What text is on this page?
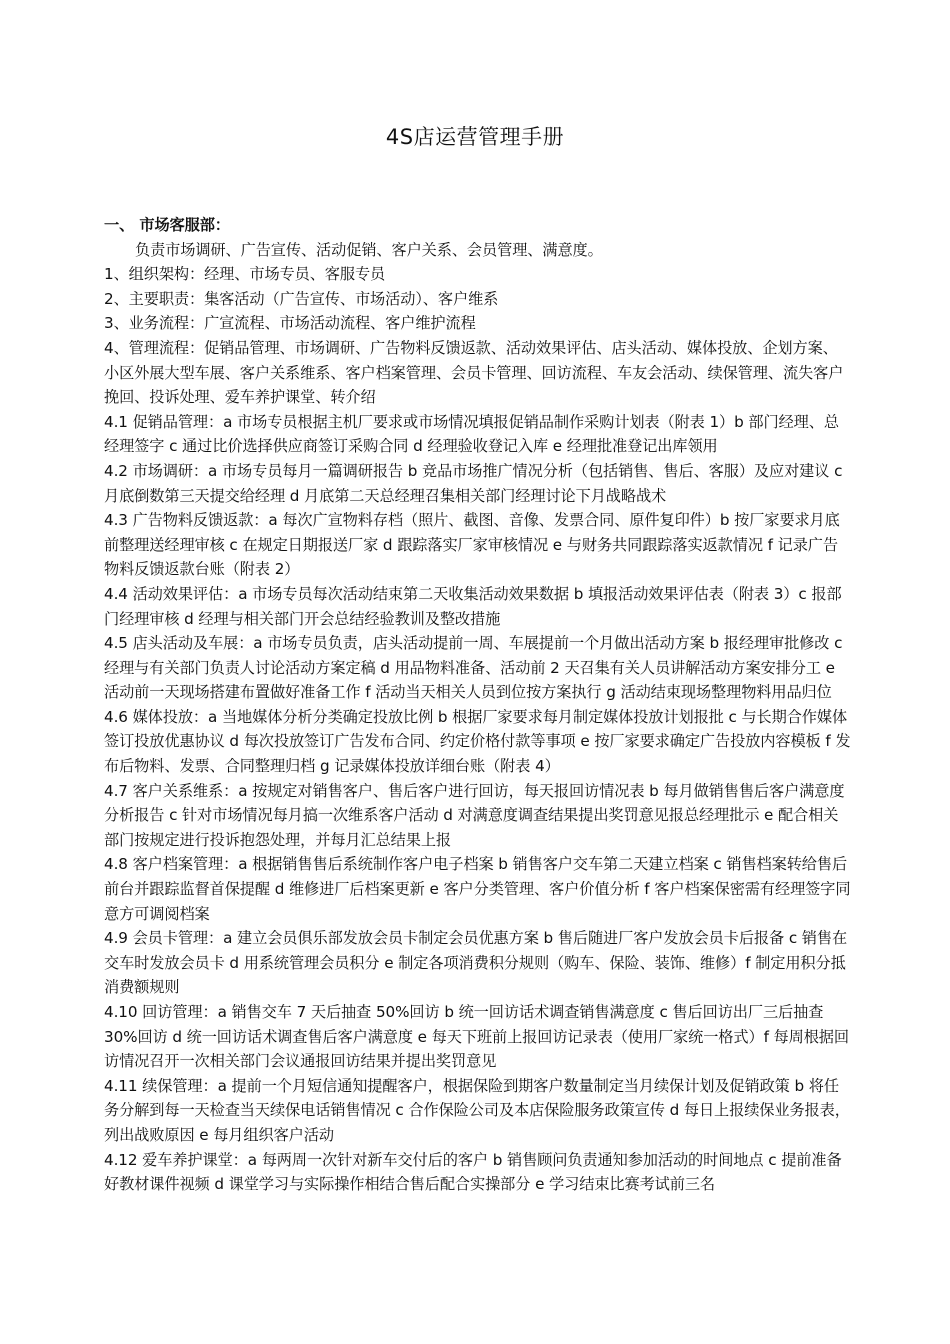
4S店运营管理手册

一、 市场客服部：

负责市场调研、广告宣传、活动促销、客户关系、会员管理、满意度。

1、组织架构：经理、市场专员、客服专员

2、主要职责：集客活动（广告宣传、市场活动）、客户维系

3、业务流程：广宣流程、市场活动流程、客户维护流程

4、管理流程：促销品管理、市场调研、广告物料反馈返款、活动效果评估、店头活动、媒体投放、企划方案、小区外展大型车展、客户关系维系、客户档案管理、会员卡管理、回访流程、车友会活动、续保管理、流失客户挽回、投诉处理、爱车养护课堂、转介绍

4.1 促销品管理：a 市场专员根据主机厂要求或市场情况填报促销品制作采购计划表（附表 1）b 部门经理、总经理签字 c 通过比价选择供应商签订采购合同 d 经理验收登记入库 e 经理批准登记出库领用

4.2 市场调研：a 市场专员每月一篇调研报告 b 竞品市场推广情况分析（包括销售、售后、客服）及应对建议 c 月底倒数第三天提交给经理 d 月底第二天总经理召集相关部门经理讨论下月战略战术

4.3 广告物料反馈返款：a 每次广宣物料存档（照片、截图、音像、发票合同、原件复印件）b 按厂家要求月底前整理送经理审核 c 在规定日期报送厂家 d 跟踪落实厂家审核情况 e 与财务共同跟踪落实返款情况 f 记录广告物料反馈返款台账（附表 2）

4.4 活动效果评估：a 市场专员每次活动结束第二天收集活动效果数据 b 填报活动效果评估表（附表 3）c 报部门经理审核 d 经理与相关部门开会总结经验教训及整改措施

4.5 店头活动及车展：a 市场专员负责，店头活动提前一周、车展提前一个月做出活动方案 b 报经理审批修改 c 经理与有关部门负责人讨论活动方案定稿 d 用品物料准备、活动前 2 天召集有关人员讲解活动方案安排分工 e 活动前一天现场搭建布置做好准备工作 f 活动当天相关人员到位按方案执行 g 活动结束现场整理物料用品归位

4.6 媒体投放：a 当地媒体分析分类确定投放比例 b 根据厂家要求每月制定媒体投放计划报批 c 与长期合作媒体签订投放优惠协议 d 每次投放签订广告发布合同、约定价格付款等事项 e 按厂家要求确定广告投放内容模板 f 发布后物料、发票、合同整理归档 g 记录媒体投放详细台账（附表 4）

4.7 客户关系维系：a 按规定对销售客户、售后客户进行回访，每天报回访情况表 b 每月做销售售后客户满意度分析报告 c 针对市场情况每月搞一次维系客户活动 d 对满意度调查结果提出奖罚意见报总经理批示 e 配合相关部门按规定进行投诉抱怨处理，并每月汇总结果上报

4.8 客户档案管理：a 根据销售售后系统制作客户电子档案 b 销售客户交车第二天建立档案 c 销售档案转给售后前台并跟踪监督首保提醒 d 维修进厂后档案更新 e 客户分类管理、客户价值分析 f 客户档案保密需有经理签字同意方可调阅档案

4.9 会员卡管理：a 建立会员俱乐部发放会员卡制定会员优惠方案 b 售后随进厂客户发放会员卡后报备 c 销售在交车时发放会员卡 d 用系统管理会员积分 e 制定各项消费积分规则（购车、保险、装饰、维修）f 制定用积分抵消费额规则

4.10 回访管理：a 销售交车 7 天后抽查 50%回访 b 统一回访话术调查销售满意度 c 售后回访出厂三后抽查 30%回访 d 统一回访话术调查售后客户满意度 e 每天下班前上报回访记录表（使用厂家统一格式）f 每周根据回访情况召开一次相关部门会议通报回访结果并提出奖罚意见

4.11 续保管理：a 提前一个月短信通知提醒客户，根据保险到期客户数量制定当月续保计划及促销政策 b 将任务分解到每一天检查当天续保电话销售情况 c 合作保险公司及本店保险服务政策宣传 d 每日上报续保业务报表，列出战败原因 e 每月组织客户活动

4.12 爱车养护课堂：a 每两周一次针对新车交付后的客户 b 销售顾问负责通知参加活动的时间地点 c 提前准备好教材课件视频 d 课堂学习与实际操作相结合售后配合实操部分 e 学习结束比赛考试前三名
